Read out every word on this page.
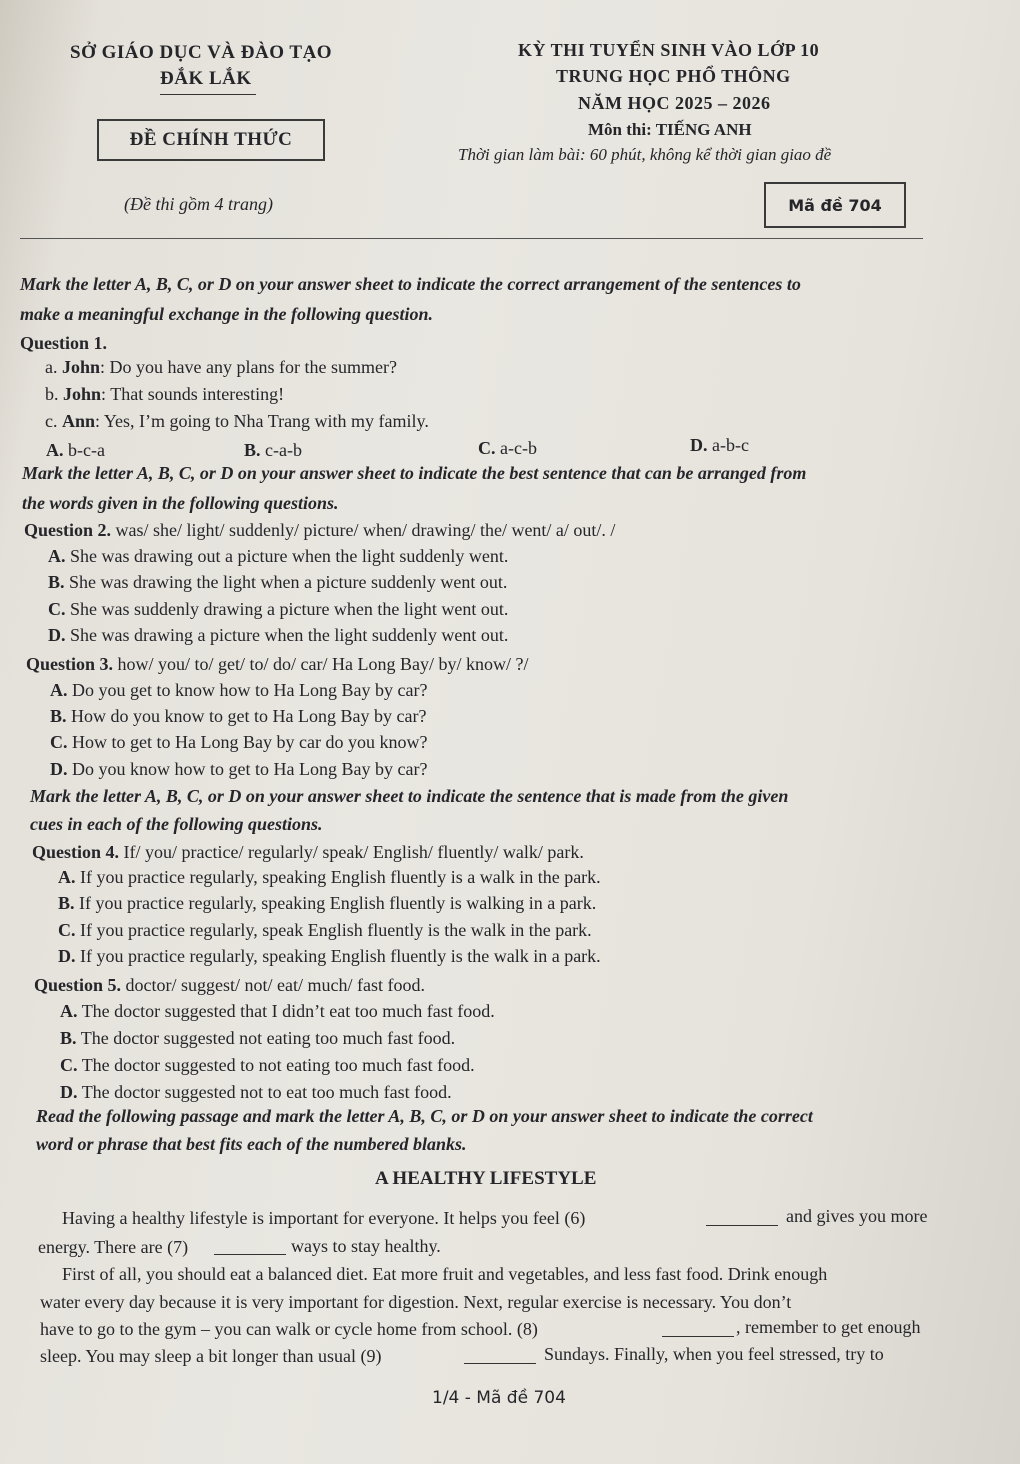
SỞ GIÁO DỤC VÀ ĐÀO TẠO
ĐẮK LẮK
ĐỀ CHÍNH THỨC
(Đề thi gồm 4 trang)
KỲ THI TUYỂN SINH VÀO LỚP 10
TRUNG HỌC PHỔ THÔNG
NĂM HỌC 2025 – 2026
Môn thi: TIẾNG ANH
Thời gian làm bài: 60 phút, không kể thời gian giao đề
Mã đề 704
Mark the letter A, B, C, or D on your answer sheet to indicate the correct arrangement of the sentences to
make a meaningful exchange in the following question.
Question 1.
a. John: Do you have any plans for the summer?
b. John: That sounds interesting!
c. Ann: Yes, I’m going to Nha Trang with my family.
A. b-c-a	B. c-a-b	C. a-c-b	D. a-b-c
Mark the letter A, B, C, or D on your answer sheet to indicate the best sentence that can be arranged from
the words given in the following questions.
Question 2. was/ she/ light/ suddenly/ picture/ when/ drawing/ the/ went/ a/ out/. /
A. She was drawing out a picture when the light suddenly went.
B. She was drawing the light when a picture suddenly went out.
C. She was suddenly drawing a picture when the light went out.
D. She was drawing a picture when the light suddenly went out.
Question 3. how/ you/ to/ get/ to/ do/ car/ Ha Long Bay/ by/ know/ ?/
A. Do you get to know how to Ha Long Bay by car?
B. How do you know to get to Ha Long Bay by car?
C. How to get to Ha Long Bay by car do you know?
D. Do you know how to get to Ha Long Bay by car?
Mark the letter A, B, C, or D on your answer sheet to indicate the sentence that is made from the given
cues in each of the following questions.
Question 4. If/ you/ practice/ regularly/ speak/ English/ fluently/ walk/ park.
A. If you practice regularly, speaking English fluently is a walk in the park.
B. If you practice regularly, speaking English fluently is walking in a park.
C. If you practice regularly, speak English fluently is the walk in the park.
D. If you practice regularly, speaking English fluently is the walk in a park.
Question 5. doctor/ suggest/ not/ eat/ much/ fast food.
A. The doctor suggested that I didn’t eat too much fast food.
B. The doctor suggested not eating too much fast food.
C. The doctor suggested to not eating too much fast food.
D. The doctor suggested not to eat too much fast food.
Read the following passage and mark the letter A, B, C, or D on your answer sheet to indicate the correct
word or phrase that best fits each of the numbered blanks.
A HEALTHY LIFESTYLE
Having a healthy lifestyle is important for everyone. It helps you feel (6)	and gives you more
energy. There are (7)	ways to stay healthy.
First of all, you should eat a balanced diet. Eat more fruit and vegetables, and less fast food. Drink enough
water every day because it is very important for digestion. Next, regular exercise is necessary. You don’t
have to go to the gym – you can walk or cycle home from school. (8)	, remember to get enough
sleep. You may sleep a bit longer than usual (9)	Sundays. Finally, when you feel stressed, try to
1/4 - Mã đề 704
